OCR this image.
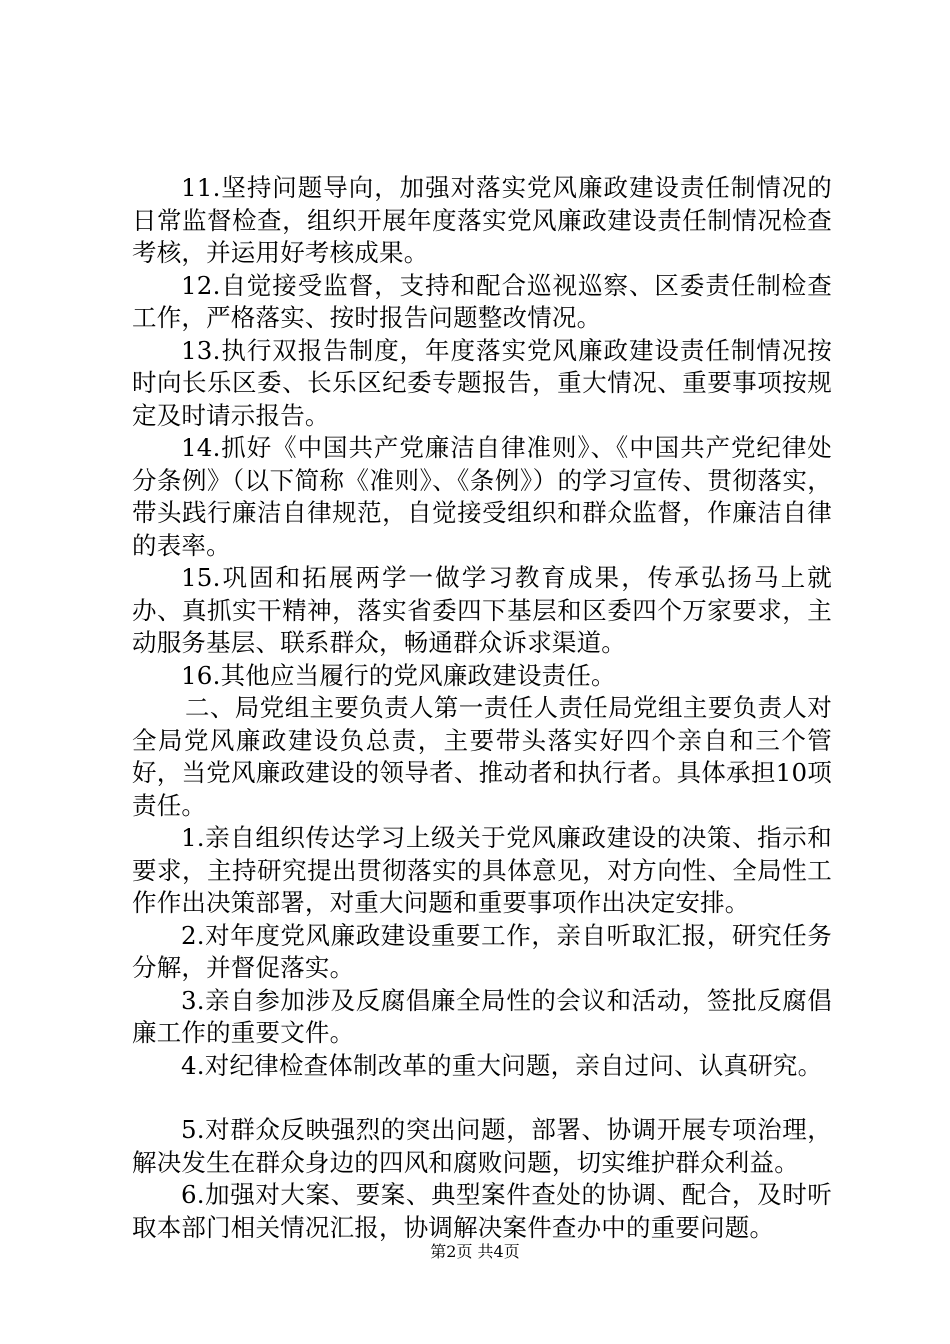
11.坚持问题导向，加强对落实党风廉政建设责任制情况的日常监督检查，组织开展年度落实党风廉政建设责任制情况检查考核，并运用好考核成果。

12.自觉接受监督，支持和配合巡视巡察、区委责任制检查工作，严格落实、按时报告问题整改情况。

13.执行双报告制度，年度落实党风廉政建设责任制情况按时向长乐区委、长乐区纪委专题报告，重大情况、重要事项按规定及时请示报告。

14.抓好《中国共产党廉洁自律准则》、《中国共产党纪律处分条例》（以下简称《准则》、《条例》）的学习宣传、贯彻落实，带头践行廉洁自律规范，自觉接受组织和群众监督，作廉洁自律的表率。

15.巩固和拓展两学一做学习教育成果，传承弘扬马上就办、真抓实干精神，落实省委四下基层和区委四个万家要求，主动服务基层、联系群众，畅通群众诉求渠道。

16.其他应当履行的党风廉政建设责任。

二、局党组主要负责人第一责任人责任局党组主要负责人对全局党风廉政建设负总责，主要带头落实好四个亲自和三个管好，当党风廉政建设的领导者、推动者和执行者。具体承担10项责任。

1.亲自组织传达学习上级关于党风廉政建设的决策、指示和要求，主持研究提出贯彻落实的具体意见，对方向性、全局性工作作出决策部署，对重大问题和重要事项作出决定安排。

2.对年度党风廉政建设重要工作，亲自听取汇报，研究任务分解，并督促落实。

3.亲自参加涉及反腐倡廉全局性的会议和活动，签批反腐倡廉工作的重要文件。

4.对纪律检查体制改革的重大问题，亲自过问、认真研究。

5.对群众反映强烈的突出问题，部署、协调开展专项治理，解决发生在群众身边的四风和腐败问题，切实维护群众利益。

6.加强对大案、要案、典型案件查处的协调、配合，及时听取本部门相关情况汇报，协调解决案件查办中的重要问题。

第2页 共4页
